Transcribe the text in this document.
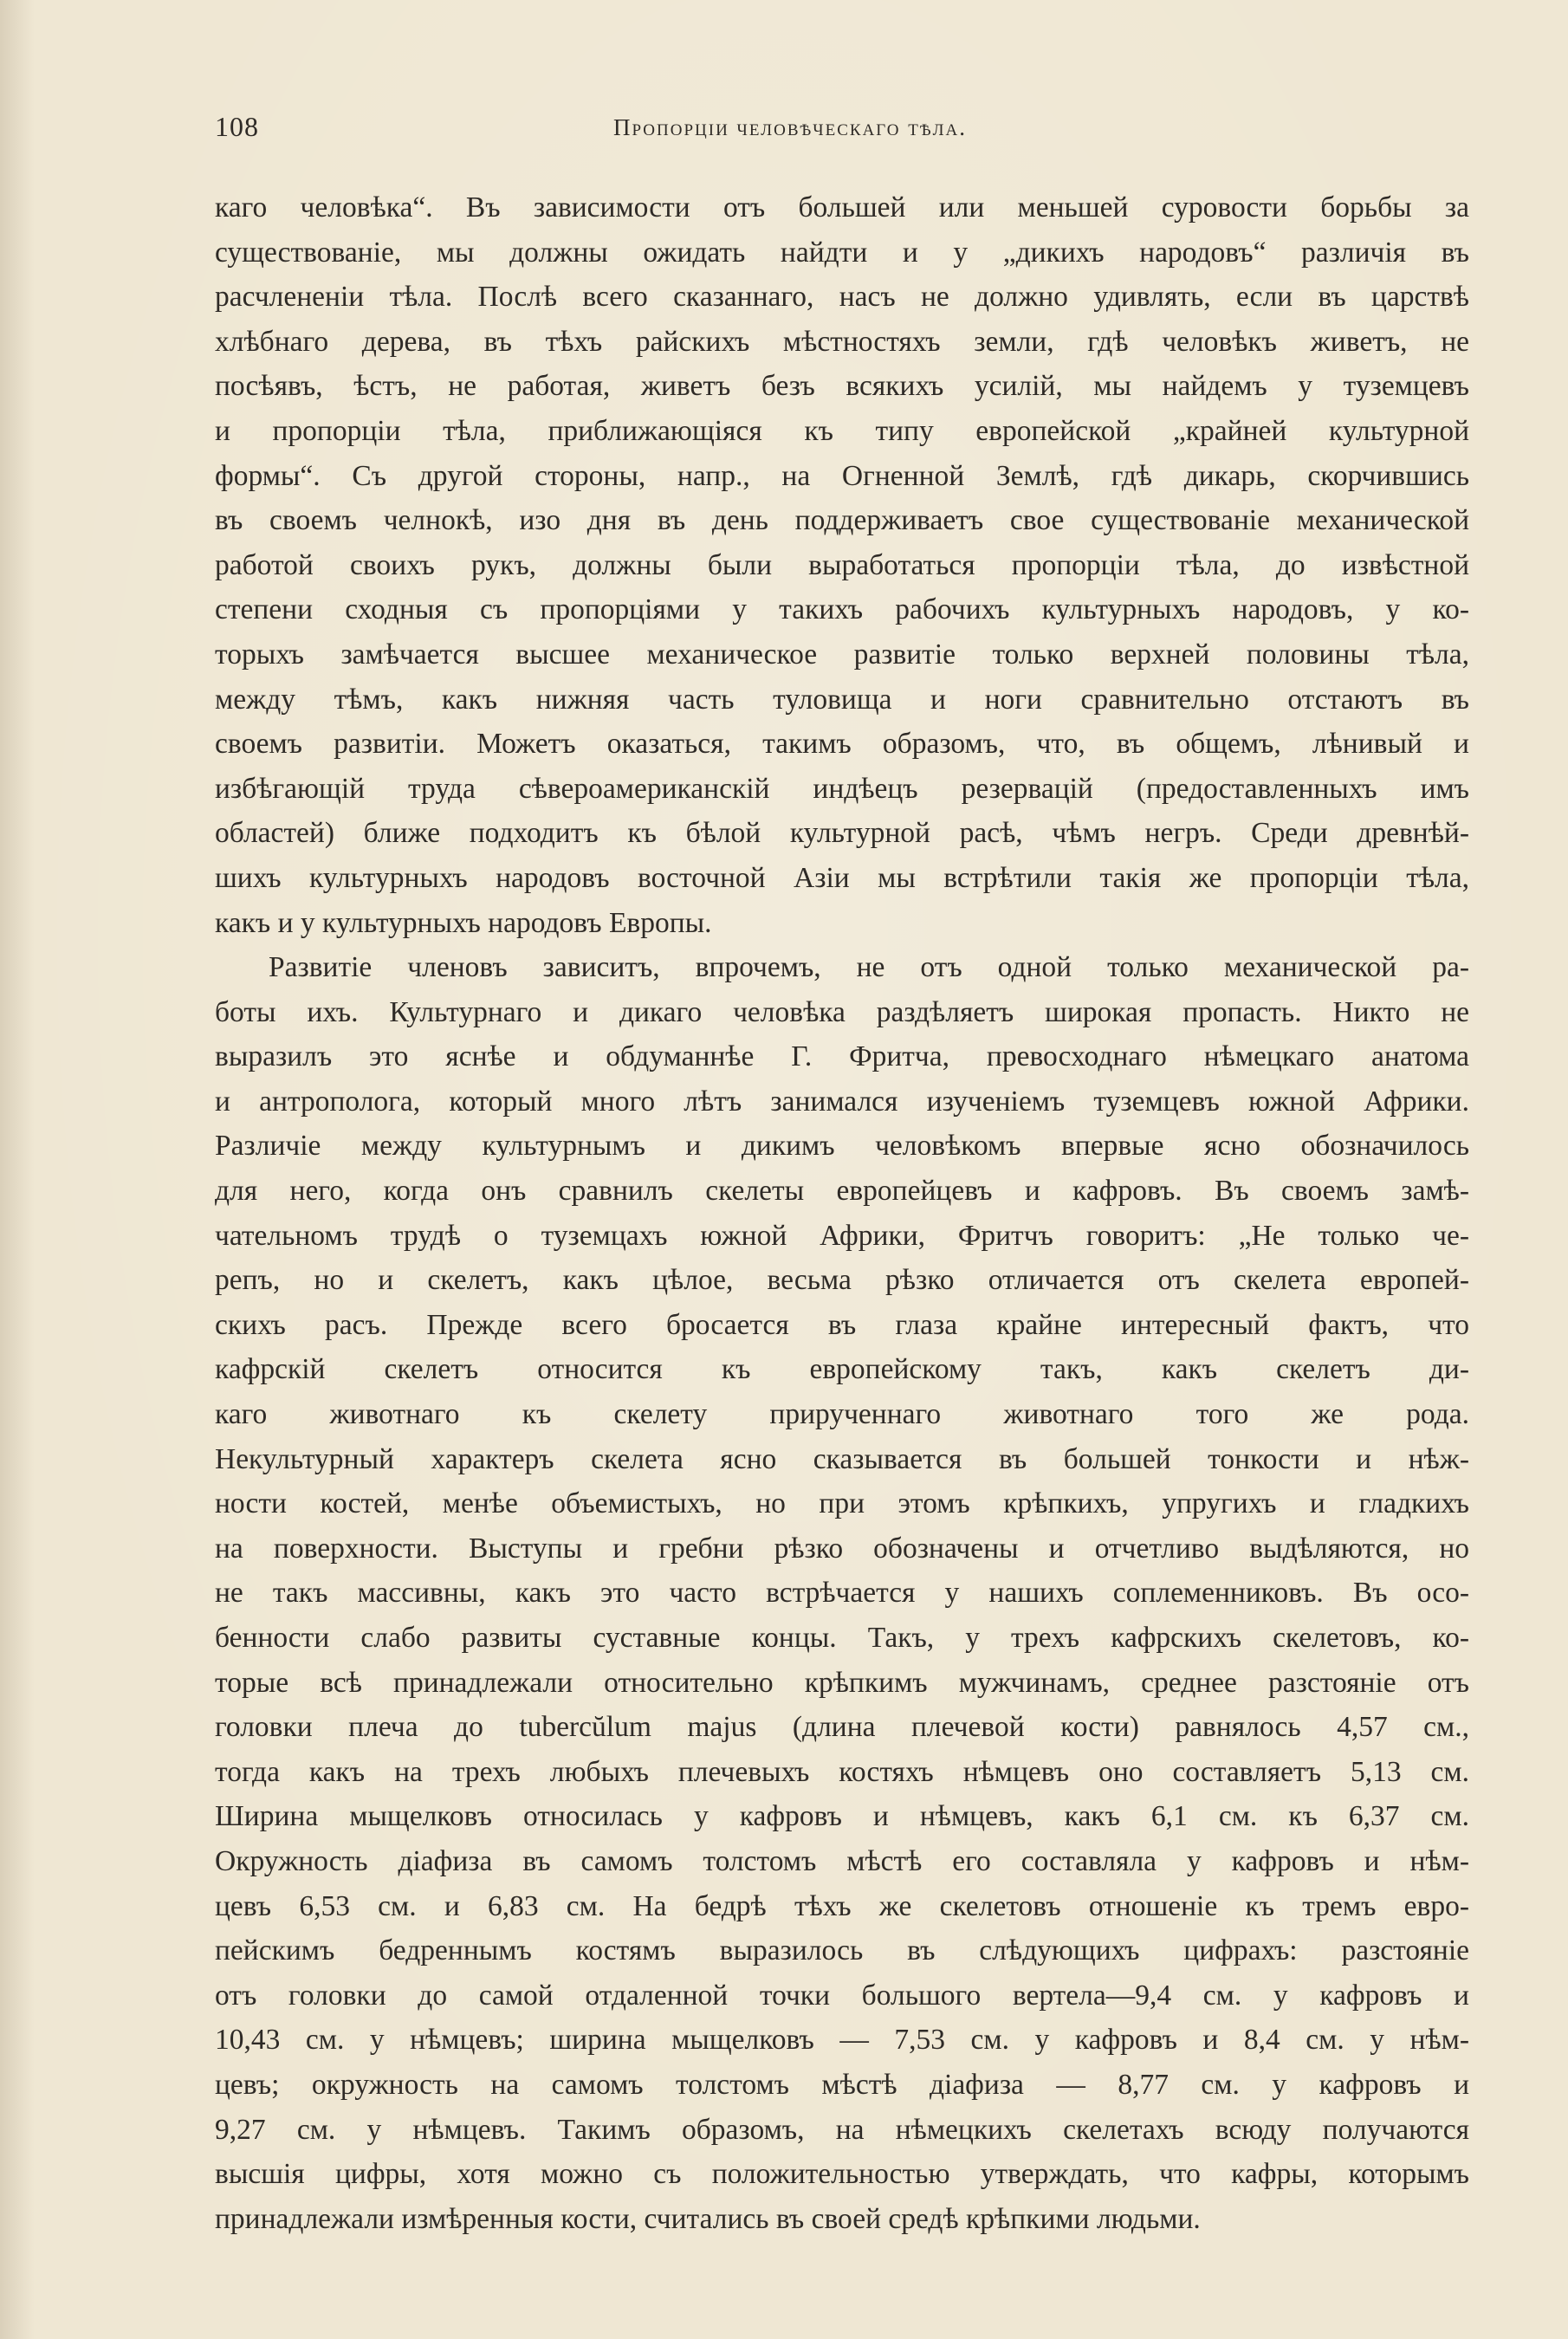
108	Пропорціи человѣческаго тѣла.
каго человѣка“. Въ зависимости отъ большей или меньшей суровости борьбы за
существованіе, мы должны ожидать найдти и у „дикихъ народовъ“ различія въ
расчлененіи тѣла. Послѣ всего сказаннаго, насъ не должно удивлять, если въ царствѣ
хлѣбнаго дерева, въ тѣхъ райскихъ мѣстностяхъ земли, гдѣ человѣкъ живетъ, не
посѣявъ, ѣстъ, не работая, живетъ безъ всякихъ усилій, мы найдемъ у туземцевъ
и пропорціи тѣла, приближающіяся къ типу европейской „крайней культурной
формы“. Съ другой стороны, напр., на Огненной Землѣ, гдѣ дикарь, скорчившись
въ своемъ челнокѣ, изо дня въ день поддерживаетъ свое существованіе механической
работой своихъ рукъ, должны были выработаться пропорціи тѣла, до извѣстной
степени сходныя съ пропорціями у такихъ рабочихъ культурныхъ народовъ, у ко-
торыхъ замѣчается высшее механическое развитіе только верхней половины тѣла,
между тѣмъ, какъ нижняя часть туловища и ноги сравнительно отстаютъ въ
своемъ развитіи. Можетъ оказаться, такимъ образомъ, что, въ общемъ, лѣнивый и
избѣгающій труда сѣвероамериканскій индѣецъ резервацій (предоставленныхъ имъ
областей) ближе подходитъ къ бѣлой культурной расѣ, чѣмъ негръ. Среди древнѣй-
шихъ культурныхъ народовъ восточной Азіи мы встрѣтили такія же пропорціи тѣла,
какъ и у культурныхъ народовъ Европы.
Развитіе членовъ зависитъ, впрочемъ, не отъ одной только механической ра-
боты ихъ. Культурнаго и дикаго человѣка раздѣляетъ широкая пропасть. Никто не
выразилъ это яснѣе и обдуманнѣе Г. Фритча, превосходнаго нѣмецкаго анатома
и антрополога, который много лѣтъ занимался изученіемъ туземцевъ южной Африки.
Различіе между культурнымъ и дикимъ человѣкомъ впервые ясно обозначилось
для него, когда онъ сравнилъ скелеты европейцевъ и кафровъ. Въ своемъ замѣ-
чательномъ трудѣ о туземцахъ южной Африки, Фритчъ говоритъ: „Не только че-
репъ, но и скелетъ, какъ цѣлое, весьма рѣзко отличается отъ скелета европей-
скихъ расъ. Прежде всего бросается въ глаза крайне интересный фактъ, что
кафрскій скелетъ относится къ европейскому такъ, какъ скелетъ ди-
каго животнаго къ скелету прирученнаго животнаго того же рода.
Некультурный характеръ скелета ясно сказывается въ большей тонкости и нѣж-
ности костей, менѣе объемистыхъ, но при этомъ крѣпкихъ, упругихъ и гладкихъ
на поверхности. Выступы и гребни рѣзко обозначены и отчетливо выдѣляются, но
не такъ массивны, какъ это часто встрѣчается у нашихъ соплеменниковъ. Въ осо-
бенности слабо развиты суставные концы. Такъ, у трехъ кафрскихъ скелетовъ, ко-
торые всѣ принадлежали относительно крѣпкимъ мужчинамъ, среднее разстояніе отъ
головки плеча до tubercŭlum majus (длина плечевой кости) равнялось 4,57 см.,
тогда какъ на трехъ любыхъ плечевыхъ костяхъ нѣмцевъ оно составляетъ 5,13 см.
Ширина мыщелковъ относилась у кафровъ и нѣмцевъ, какъ 6,1 см. къ 6,37 см.
Окружность діафиза въ самомъ толстомъ мѣстѣ его составляла у кафровъ и нѣм-
цевъ 6,53 см. и 6,83 см. На бедрѣ тѣхъ же скелетовъ отношеніе къ тремъ евро-
пейскимъ бедреннымъ костямъ выразилось въ слѣдующихъ цифрахъ: разстояніе
отъ головки до самой отдаленной точки большого вертела—9,4 см. у кафровъ и
10,43 см. у нѣмцевъ; ширина мыщелковъ — 7,53 см. у кафровъ и 8,4 см. у нѣм-
цевъ; окружность на самомъ толстомъ мѣстѣ діафиза — 8,77 см. у кафровъ и
9,27 см. у нѣмцевъ. Такимъ образомъ, на нѣмецкихъ скелетахъ всюду получаются
высшія цифры, хотя можно съ положительностью утверждать, что кафры, которымъ
принадлежали измѣренныя кости, считались въ своей средѣ крѣпкими людьми.
